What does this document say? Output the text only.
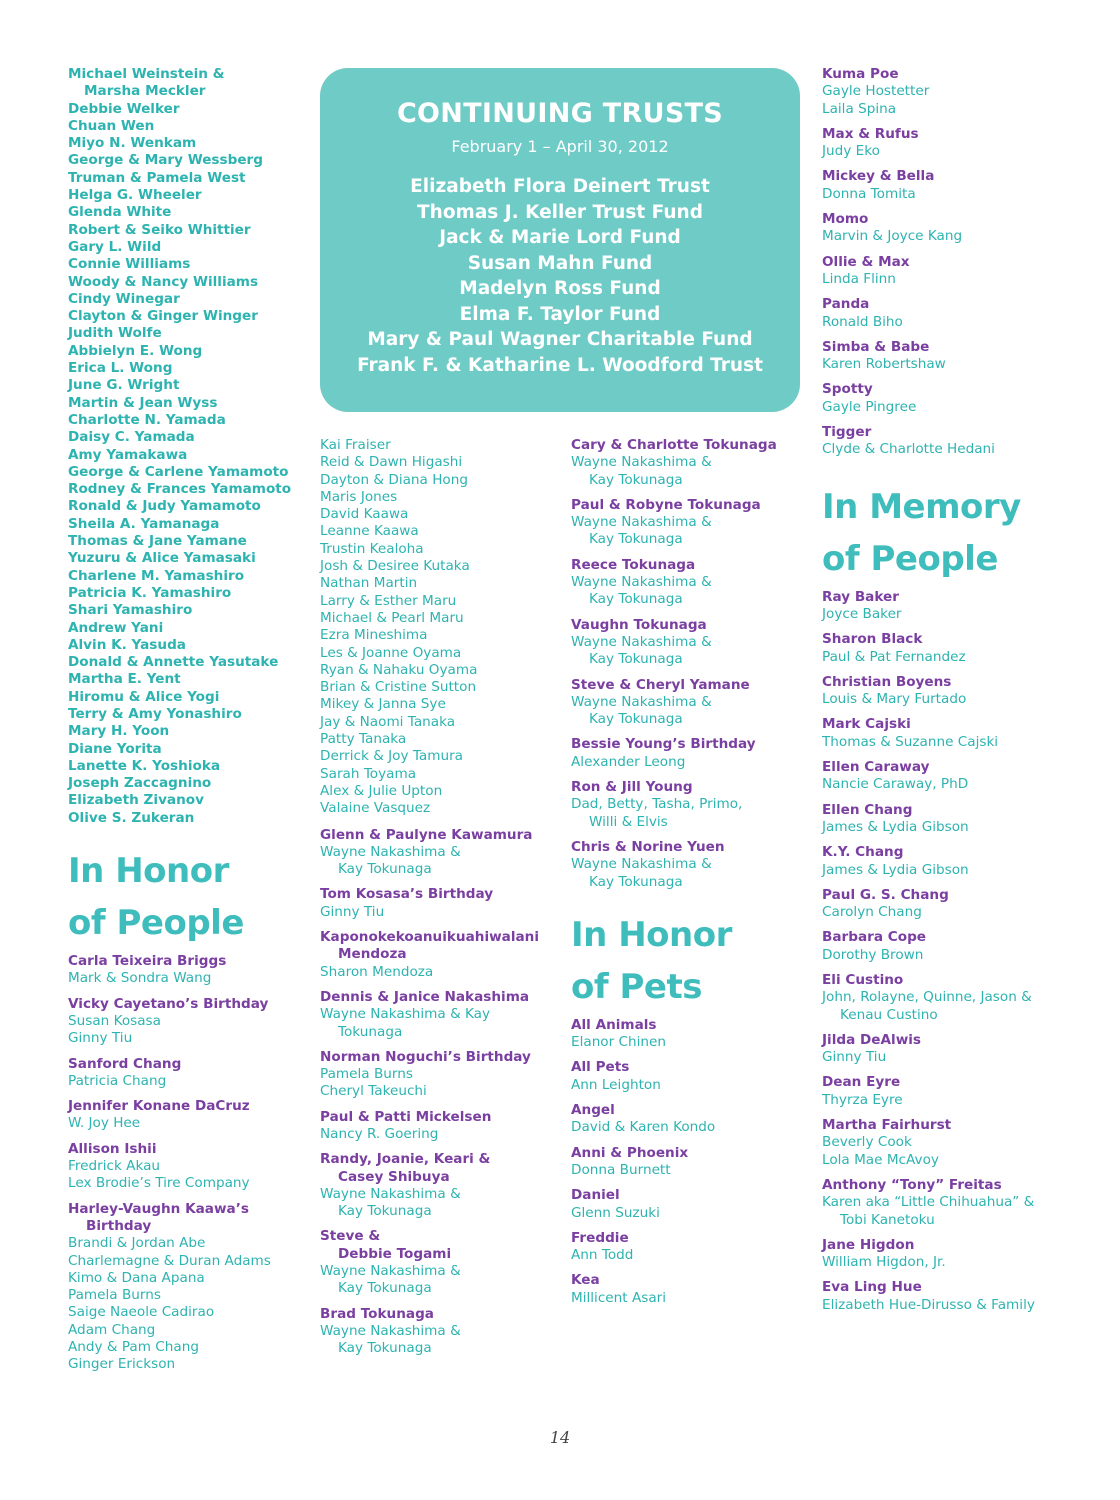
Michael Weinstein &
Marsha Meckler
Debbie Welker
Chuan Wen
Miyo N. Wenkam
George & Mary Wessberg
Truman & Pamela West
Helga G. Wheeler
Glenda White
Robert & Seiko Whittier
Gary L. Wild
Connie Williams
Woody & Nancy Williams
Cindy Winegar
Clayton & Ginger Winger
Judith Wolfe
Abbielyn E. Wong
Erica L. Wong
June G. Wright
Martin & Jean Wyss
Charlotte N. Yamada
Daisy C. Yamada
Amy Yamakawa
George & Carlene Yamamoto
Rodney & Frances Yamamoto
Ronald & Judy Yamamoto
Sheila A. Yamanaga
Thomas & Jane Yamane
Yuzuru & Alice Yamasaki
Charlene M. Yamashiro
Patricia K. Yamashiro
Shari Yamashiro
Andrew Yani
Alvin K. Yasuda
Donald & Annette Yasutake
Martha E. Yent
Hiromu & Alice Yogi
Terry & Amy Yonashiro
Mary H. Yoon
Diane Yorita
Lanette K. Yoshioka
Joseph Zaccagnino
Elizabeth Zivanov
Olive S. Zukeran
In Honor
of People
Carla Teixeira Briggs
Mark & Sondra Wang
Vicky Cayetano’s Birthday
Susan Kosasa
Ginny Tiu
Sanford Chang
Patricia Chang
Jennifer Konane DaCruz
W. Joy Hee
Allison Ishii
Fredrick Akau
Lex Brodie’s Tire Company
Harley-Vaughn Kaawa’s
Birthday
Brandi & Jordan Abe
Charlemagne & Duran Adams
Kimo & Dana Apana
Pamela Burns
Saige Naeole Cadirao
Adam Chang
Andy & Pam Chang
Ginger Erickson
CONTINUING TRUSTS
February 1 – April 30, 2012
Elizabeth Flora Deinert Trust
Thomas J. Keller Trust Fund
Jack & Marie Lord Fund
Susan Mahn Fund
Madelyn Ross Fund
Elma F. Taylor Fund
Mary & Paul Wagner Charitable Fund
Frank F. & Katharine L. Woodford Trust
Kai Fraiser
Reid & Dawn Higashi
Dayton & Diana Hong
Maris Jones
David Kaawa
Leanne Kaawa
Trustin Kealoha
Josh & Desiree Kutaka
Nathan Martin
Larry & Esther Maru
Michael & Pearl Maru
Ezra Mineshima
Les & Joanne Oyama
Ryan & Nahaku Oyama
Brian & Cristine Sutton
Mikey & Janna Sye
Jay & Naomi Tanaka
Patty Tanaka
Derrick & Joy Tamura
Sarah Toyama
Alex & Julie Upton
Valaine Vasquez
Glenn & Paulyne Kawamura
Wayne Nakashima &
Kay Tokunaga
Tom Kosasa’s Birthday
Ginny Tiu
Kaponokekoanuikuahiwalani
Mendoza
Sharon Mendoza
Dennis & Janice Nakashima
Wayne Nakashima & Kay
Tokunaga
Norman Noguchi’s Birthday
Pamela Burns
Cheryl Takeuchi
Paul & Patti Mickelsen
Nancy R. Goering
Randy, Joanie, Keari &
Casey Shibuya
Wayne Nakashima &
Kay Tokunaga
Steve &
Debbie Togami
Wayne Nakashima &
Kay Tokunaga
Brad Tokunaga
Wayne Nakashima &
Kay Tokunaga
Cary & Charlotte Tokunaga
Wayne Nakashima &
Kay Tokunaga
Paul & Robyne Tokunaga
Wayne Nakashima &
Kay Tokunaga
Reece Tokunaga
Wayne Nakashima &
Kay Tokunaga
Vaughn Tokunaga
Wayne Nakashima &
Kay Tokunaga
Steve & Cheryl Yamane
Wayne Nakashima &
Kay Tokunaga
Bessie Young’s Birthday
Alexander Leong
Ron & Jill Young
Dad, Betty, Tasha, Primo,
Willi & Elvis
Chris & Norine Yuen
Wayne Nakashima &
Kay Tokunaga
In Honor
of Pets
All Animals
Elanor Chinen
All Pets
Ann Leighton
Angel
David & Karen Kondo
Anni & Phoenix
Donna Burnett
Daniel
Glenn Suzuki
Freddie
Ann Todd
Kea
Millicent Asari
Kuma Poe
Gayle Hostetter
Laila Spina
Max & Rufus
Judy Eko
Mickey & Bella
Donna Tomita
Momo
Marvin & Joyce Kang
Ollie & Max
Linda Flinn
Panda
Ronald Biho
Simba & Babe
Karen Robertshaw
Spotty
Gayle Pingree
Tigger
Clyde & Charlotte Hedani
In Memory
of People
Ray Baker
Joyce Baker
Sharon Black
Paul & Pat Fernandez
Christian Boyens
Louis & Mary Furtado
Mark Cajski
Thomas & Suzanne Cajski
Ellen Caraway
Nancie Caraway, PhD
Ellen Chang
James & Lydia Gibson
K.Y. Chang
James & Lydia Gibson
Paul G. S. Chang
Carolyn Chang
Barbara Cope
Dorothy Brown
Eli Custino
John, Rolayne, Quinne, Jason &
Kenau Custino
Jilda DeAlwis
Ginny Tiu
Dean Eyre
Thyrza Eyre
Martha Fairhurst
Beverly Cook
Lola Mae McAvoy
Anthony “Tony” Freitas
Karen aka “Little Chihuahua” &
Tobi Kanetoku
Jane Higdon
William Higdon, Jr.
Eva Ling Hue
Elizabeth Hue-Dirusso & Family
14
